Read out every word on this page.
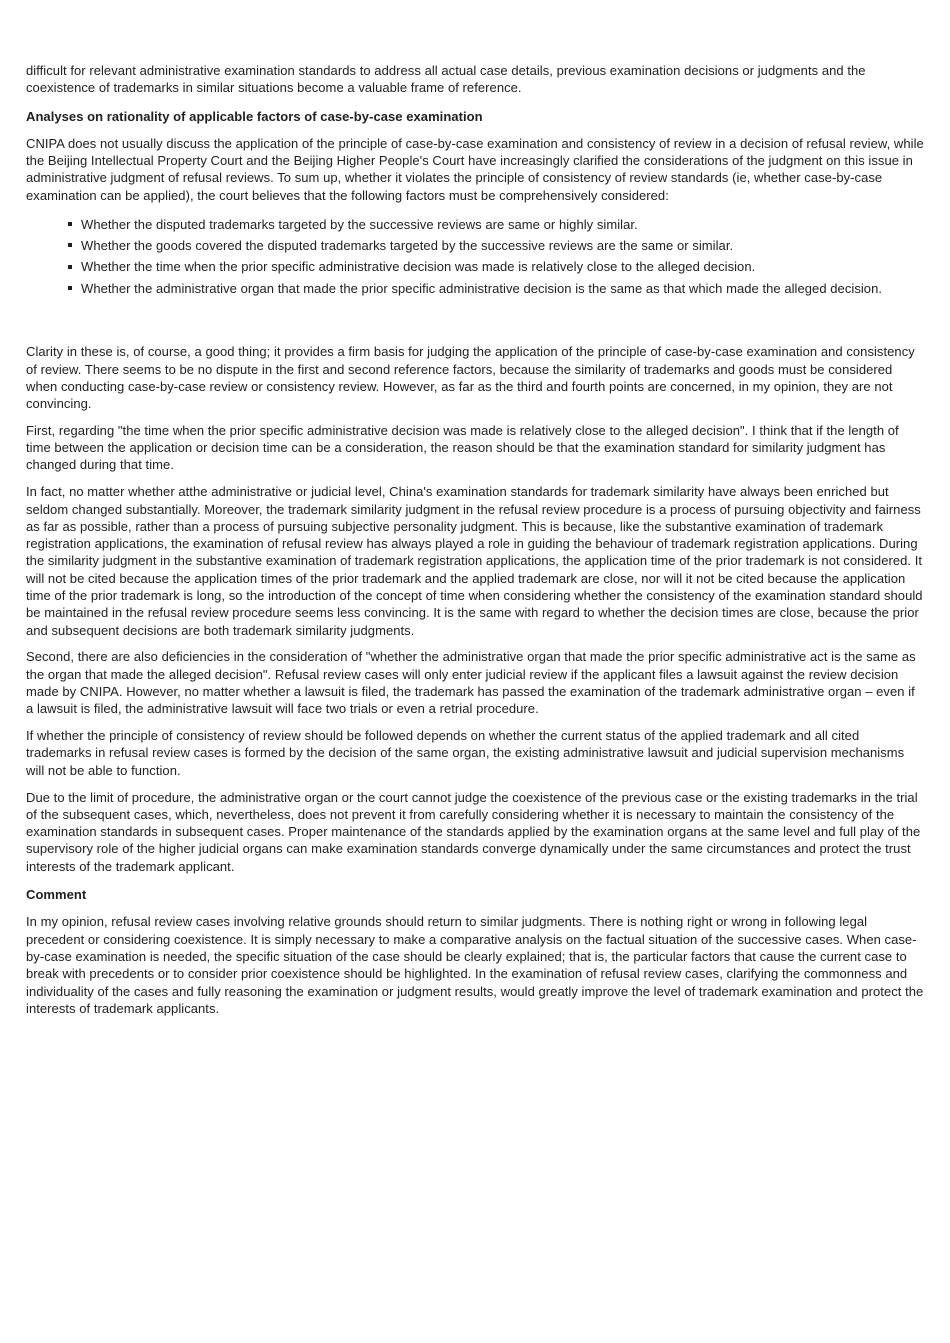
difficult for relevant administrative examination standards to address all actual case details, previous examination decisions or judgments and the coexistence of trademarks in similar situations become a valuable frame of reference.

Analyses on rationality of applicable factors of case-by-case examination

CNIPA does not usually discuss the application of the principle of case-by-case examination and consistency of review in a decision of refusal review, while the Beijing Intellectual Property Court and the Beijing Higher People's Court have increasingly clarified the considerations of the judgment on this issue in administrative judgment of refusal reviews. To sum up, whether it violates the principle of consistency of review standards (ie, whether case-by-case examination can be applied), the court believes that the following factors must be comprehensively considered:

Whether the disputed trademarks targeted by the successive reviews are same or highly similar.
Whether the goods covered the disputed trademarks targeted by the successive reviews are the same or similar.
Whether the time when the prior specific administrative decision was made is relatively close to the alleged decision.
Whether the administrative organ that made the prior specific administrative decision is the same as that which made the alleged decision.

Clarity in these is, of course, a good thing; it provides a firm basis for judging the application of the principle of case-by-case examination and consistency of review. There seems to be no dispute in the first and second reference factors, because the similarity of trademarks and goods must be considered when conducting case-by-case review or consistency review. However, as far as the third and fourth points are concerned, in my opinion, they are not convincing.

First, regarding "the time when the prior specific administrative decision was made is relatively close to the alleged decision". I think that if the length of time between the application or decision time can be a consideration, the reason should be that the examination standard for similarity judgment has changed during that time.

In fact, no matter whether atthe administrative or judicial level, China's examination standards for trademark similarity have always been enriched but seldom changed substantially. Moreover, the trademark similarity judgment in the refusal review procedure is a process of pursuing objectivity and fairness as far as possible, rather than a process of pursuing subjective personality judgment. This is because, like the substantive examination of trademark registration applications, the examination of refusal review has always played a role in guiding the behaviour of trademark registration applications. During the similarity judgment in the substantive examination of trademark registration applications, the application time of the prior trademark is not considered. It will not be cited because the application times of the prior trademark and the applied trademark are close, nor will it not be cited because the application time of the prior trademark is long, so the introduction of the concept of time when considering whether the consistency of the examination standard should be maintained in the refusal review procedure seems less convincing. It is the same with regard to whether the decision times are close, because the prior and subsequent decisions are both trademark similarity judgments.

Second, there are also deficiencies in the consideration of "whether the administrative organ that made the prior specific administrative act is the same as the organ that made the alleged decision". Refusal review cases will only enter judicial review if the applicant files a lawsuit against the review decision made by CNIPA. However, no matter whether a lawsuit is filed, the trademark has passed the examination of the trademark administrative organ – even if a lawsuit is filed, the administrative lawsuit will face two trials or even a retrial procedure.

If whether the principle of consistency of review should be followed depends on whether the current status of the applied trademark and all cited trademarks in refusal review cases is formed by the decision of the same organ, the existing administrative lawsuit and judicial supervision mechanisms will not be able to function.

Due to the limit of procedure, the administrative organ or the court cannot judge the coexistence of the previous case or the existing trademarks in the trial of the subsequent cases, which, nevertheless, does not prevent it from carefully considering whether it is necessary to maintain the consistency of the examination standards in subsequent cases. Proper maintenance of the standards applied by the examination organs at the same level and full play of the supervisory role of the higher judicial organs can make examination standards converge dynamically under the same circumstances and protect the trust interests of the trademark applicant.

Comment

In my opinion, refusal review cases involving relative grounds should return to similar judgments. There is nothing right or wrong in following legal precedent or considering coexistence. It is simply necessary to make a comparative analysis on the factual situation of the successive cases. When case-by-case examination is needed, the specific situation of the case should be clearly explained; that is, the particular factors that cause the current case to break with precedents or to consider prior coexistence should be highlighted. In the examination of refusal review cases, clarifying the commonness and individuality of the cases and fully reasoning the examination or judgment results, would greatly improve the level of trademark examination and protect the interests of trademark applicants.
